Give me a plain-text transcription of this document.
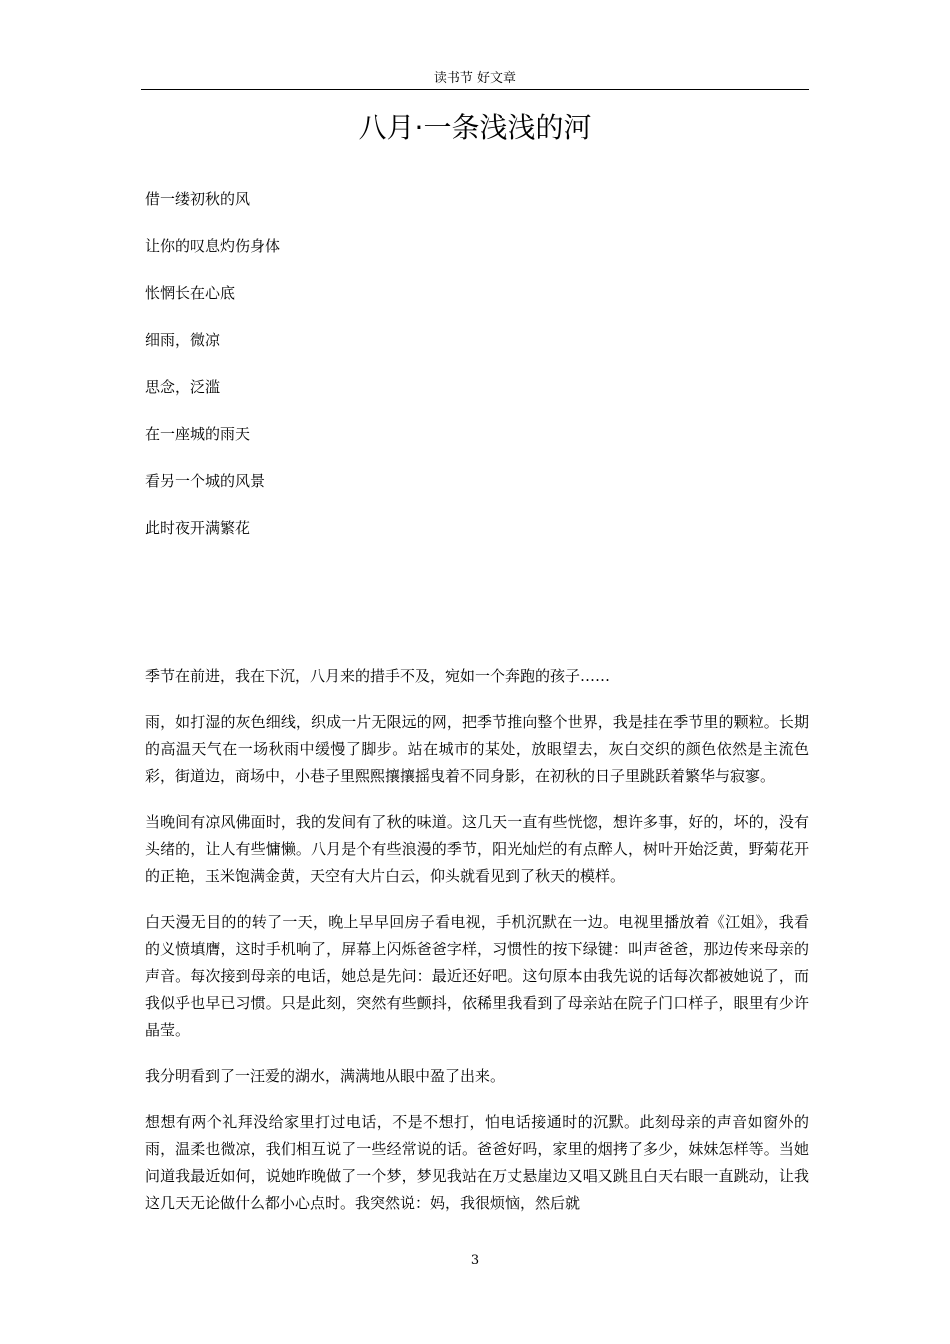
读书节 好文章
八月·一条浅浅的河
借一缕初秋的风
让你的叹息灼伤身体
怅惘长在心底
细雨，微凉
思念，泛滥
在一座城的雨天
看另一个城的风景
此时夜开满繁花

季节在前进，我在下沉，八月来的措手不及，宛如一个奔跑的孩子……

雨，如打湿的灰色细线，织成一片无限远的网，把季节推向整个世界，我是挂在季节里的颗粒。长期的高温天气在一场秋雨中缓慢了脚步。站在城市的某处，放眼望去，灰白交织的颜色依然是主流色彩，街道边，商场中，小巷子里熙熙攘攘摇曳着不同身影，在初秋的日子里跳跃着繁华与寂寥。

当晚间有凉风佛面时，我的发间有了秋的味道。这几天一直有些恍惚，想许多事，好的，坏的，没有头绪的，让人有些慵懒。八月是个有些浪漫的季节，阳光灿烂的有点醉人，树叶开始泛黄，野菊花开的正艳，玉米饱满金黄，天空有大片白云，仰头就看见到了秋天的模样。

白天漫无目的的转了一天，晚上早早回房子看电视，手机沉默在一边。电视里播放着《江姐》，我看的义愤填膺，这时手机响了，屏幕上闪烁爸爸字样，习惯性的按下绿键：叫声爸爸，那边传来母亲的声音。每次接到母亲的电话，她总是先问：最近还好吧。这句原本由我先说的话每次都被她说了，而我似乎也早已习惯。只是此刻，突然有些颤抖，依稀里我看到了母亲站在院子门口样子，眼里有少许晶莹。

我分明看到了一汪爱的湖水，满满地从眼中盈了出来。

想想有两个礼拜没给家里打过电话，不是不想打，怕电话接通时的沉默。此刻母亲的声音如窗外的雨，温柔也微凉，我们相互说了一些经常说的话。爸爸好吗，家里的烟拷了多少，妹妹怎样等。当她问道我最近如何，说她昨晚做了一个梦，梦见我站在万丈悬崖边又唱又跳且白天右眼一直跳动，让我这几天无论做什么都小心点时。我突然说：妈，我很烦恼，然后就

3
